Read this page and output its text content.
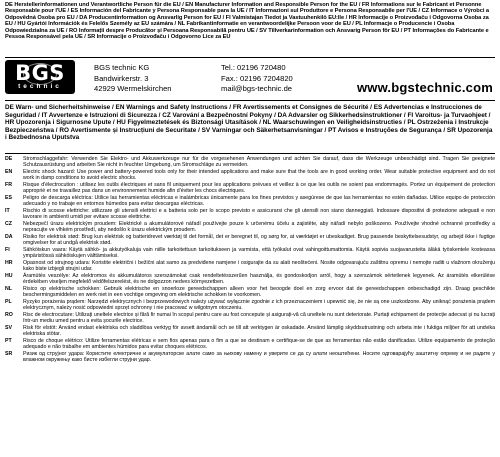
DE Herstellerinformationen und Verantwortliche Person für die EU / EN Manufacturer Information and Responsible Person for the EU / FR Informations sur le Fabricant et Personne Responsable pour l'UE / ES Información del Fabricante y Persona Responsable para la UE / IT Informazioni sul Produttore e Persona Responsabile per l'UE / CZ Informace o Výrobci a Odpovědná Osoba pro EU / DA Producentinformation og Ansvarlig Person for EU / FI Valmistajan Tiedot ja Vastuuhenkilö EU:lle / HR Informacije o Proizvođaču i Odgovorna Osoba za EU / HU Gyártói Információk és Felelős Személy az EU számára / NL Fabrikantinformatie en verantwoordelijke Persoon voor de EU / PL Informacje o Producencie i Osoba Odpowiedzialna za UE / RO Informații despre Producător și Persoana Responsabilă pentru UE / SV Tillverkarinformation och Ansvarig Person för EU / PT Informações do Fabricante e Pessoa Responsável pela UE / SR Informacije o Proizvođaču i Odgovorno Lice za EU
BGS
technic
BGS technic KG
Bandwirkerstr. 3
42929 Wermelskirchen
Tel.: 02196 720480
Fax.: 02196 7204820
mail@bgs-technic.de	www.bgstechnic.com
DE Warn- und Sicherheitshinweise / EN Warnings and Safety Instructions / FR Avertissements et Consignes de Sécurité / ES Advertencias e Instrucciones de Seguridad / IT Avvertenze e Istruzioni di Sicurezza / CZ Varování a Bezpečnostní Pokyny / DA Advarsler og Sikkerhedsinstruktioner / FI Varoitus- ja Turvaohjeet / HR Upozorenja i Sigurnosne Upute / HU Figyelmeztetések és Biztonsági Utasítások / NL Waarschuwingen en Veiligheidsinstructies / PL Ostrzeżenia i Instrukcje Bezpieczeństwa / RO Avertismente și Instrucțiuni de Securitate / SV Varningar och Säkerhetsanvisningar / PT Avisos e Instruções de Segurança / SR Upozorenja i Bezbednosna Uputstva
DE	Stromschlaggefahr: Verwenden Sie Elektro- und Akkuwerkzeuge nur für die vorgesehenen Anwendungen und achten Sie darauf, dass die Werkzeuge unbeschädigt sind. Tragen Sie geeignete Schutzausrüstung und arbeiten Sie nicht in feuchter Umgebung, um Stromschläge zu vermeiden.
EN	Electric shock hazard: Use power and battery-powered tools only for their intended applications and make sure that the tools are in good working order. Wear suitable protective equipment and do not work in damp conditions to avoid electric shocks.
FR	Risque d'électrocution : utilisez les outils électriques et sans fil uniquement pour les applications prévues et veillez à ce que les outils ne soient pas endommagés. Portez un équipement de protection approprié et ne travaillez pas dans un environnement humide afin d'éviter les chocs électriques.
ES	Peligro de descarga eléctrica: Utilice las herramientas eléctricas e inalámbricas únicamente para los fines previstos y asegúrese de que las herramientas no estén dañadas. Utilice equipo de protección adecuado y no trabaje en entornos húmedos para evitar descargas eléctricas.
IT	Rischio di scosse elettriche: utilizzare gli utensili elettrici e a batteria solo per lo scopo previsto e assicurarsi che gli utensili non siano danneggiati. Indossare dispositivi di protezione adeguati e non lavorare in ambienti umidi per evitare scosse elettriche.
CZ	Nebezpečí úrazu elektrickým proudem: Elektrické a akumulátorové nářadí používejte pouze k určenému účelu a zajistěte, aby nářadí nebylo poškozeno. Používejte vhodné ochranné prostředky a nepracujte ve vlhkém prostředí, aby nedošlo k úrazu elektrickým proudem.
DA	Risiko for elektrisk stød: Brug kun elektrisk og batteridrevet værktøj til det formål, det er beregnet til, og sørg for, at værktøjet er ubeskadiget. Brug passende beskyttelsesudstyr, og arbejd ikke i fugtige omgivelser for at undgå elektrisk stød.
FI	Sähköiskun vaara: Käytä sähkö- ja akkutyökaluja vain niille tarkoitettuun tarkoitukseen ja varmista, että työkalut ovat vahingoittumattomia. Käytä sopivia suojavarusteita äläkä työskentele kosteassa ympäristössä sähköiskujen välttämiseksi.
HR	Opasnost od strujnog udara: Koristite električni i bežični alat samo za predviđene namjene i osigurajte da su alati neoštećeni. Nosite odgovarajuću zaštitnu opremu i nemojte raditi u vlažnom okruženju kako biste izbjegli strujni udar.
HU	Áramütés veszélye: Az elektromos és akkumulátoros szerszámokat csak rendeltetésszerűen használja, és gondoskodjon arról, hogy a szerszámok sértetlenek legyenek. Az áramütés elkerülése érdekében viseljen megfelelő védőfelszerelést, és ne dolgozzon nedves környezetben.
NL	Risico op elektrische schokken: Gebruik elektrische en snoerloze gereedschappen alleen voor het beoogde doel en zorg ervoor dat de gereedschappen onbeschadigd zijn. Draag geschikte beschermingsmiddelen en werk niet in een vochtige omgeving om elektrische schokken te voorkomen.
PL	Ryzyko porażenia prądem: Narzędzi elektrycznych i bezprzewodowych należy używać wyłącznie zgodnie z ich przeznaczeniem i upewnić się, że nie są one uszkodzone. Aby uniknąć porażenia prądem elektrycznym, należy nosić odpowiedni sprzęt ochronny i nie pracować w wilgotnym otoczeniu.
RO	Risc de electrocutare: Utilizați uneltele electrice și fără fir numai în scopul pentru care au fost concepute și asigurați-vă că uneltele nu sunt deteriorate. Purtați echipament de protecție adecvat și nu lucrați într-un mediu umed pentru a evita șocurile electrice.
SV	Risk för elstöt: Använd endast elektriska och sladdlösa verktyg för avsett ändamål och se till att verktygen är oskadade. Använd lämplig skyddsutrustning och arbeta inte i fuktiga miljöer för att undvika elektriska stötar.
PT	Risco de choque elétrico: Utilize ferramentas elétricas e sem fios apenas para o fim a que se destinam e certifique-se de que as ferramentas não estão danificadas. Utilize equipamento de proteção adequado e não trabalhe em ambientes húmidos para evitar choques elétricos.
SR	Ризик од струјног удара: Користите електричне и акумулаторске алате само за њихову намену и уверите се да су алати неоштећени. Носите одговарајућу заштитну опрему и не радите у влажном окружењу како бисте избегли струјни удар.
